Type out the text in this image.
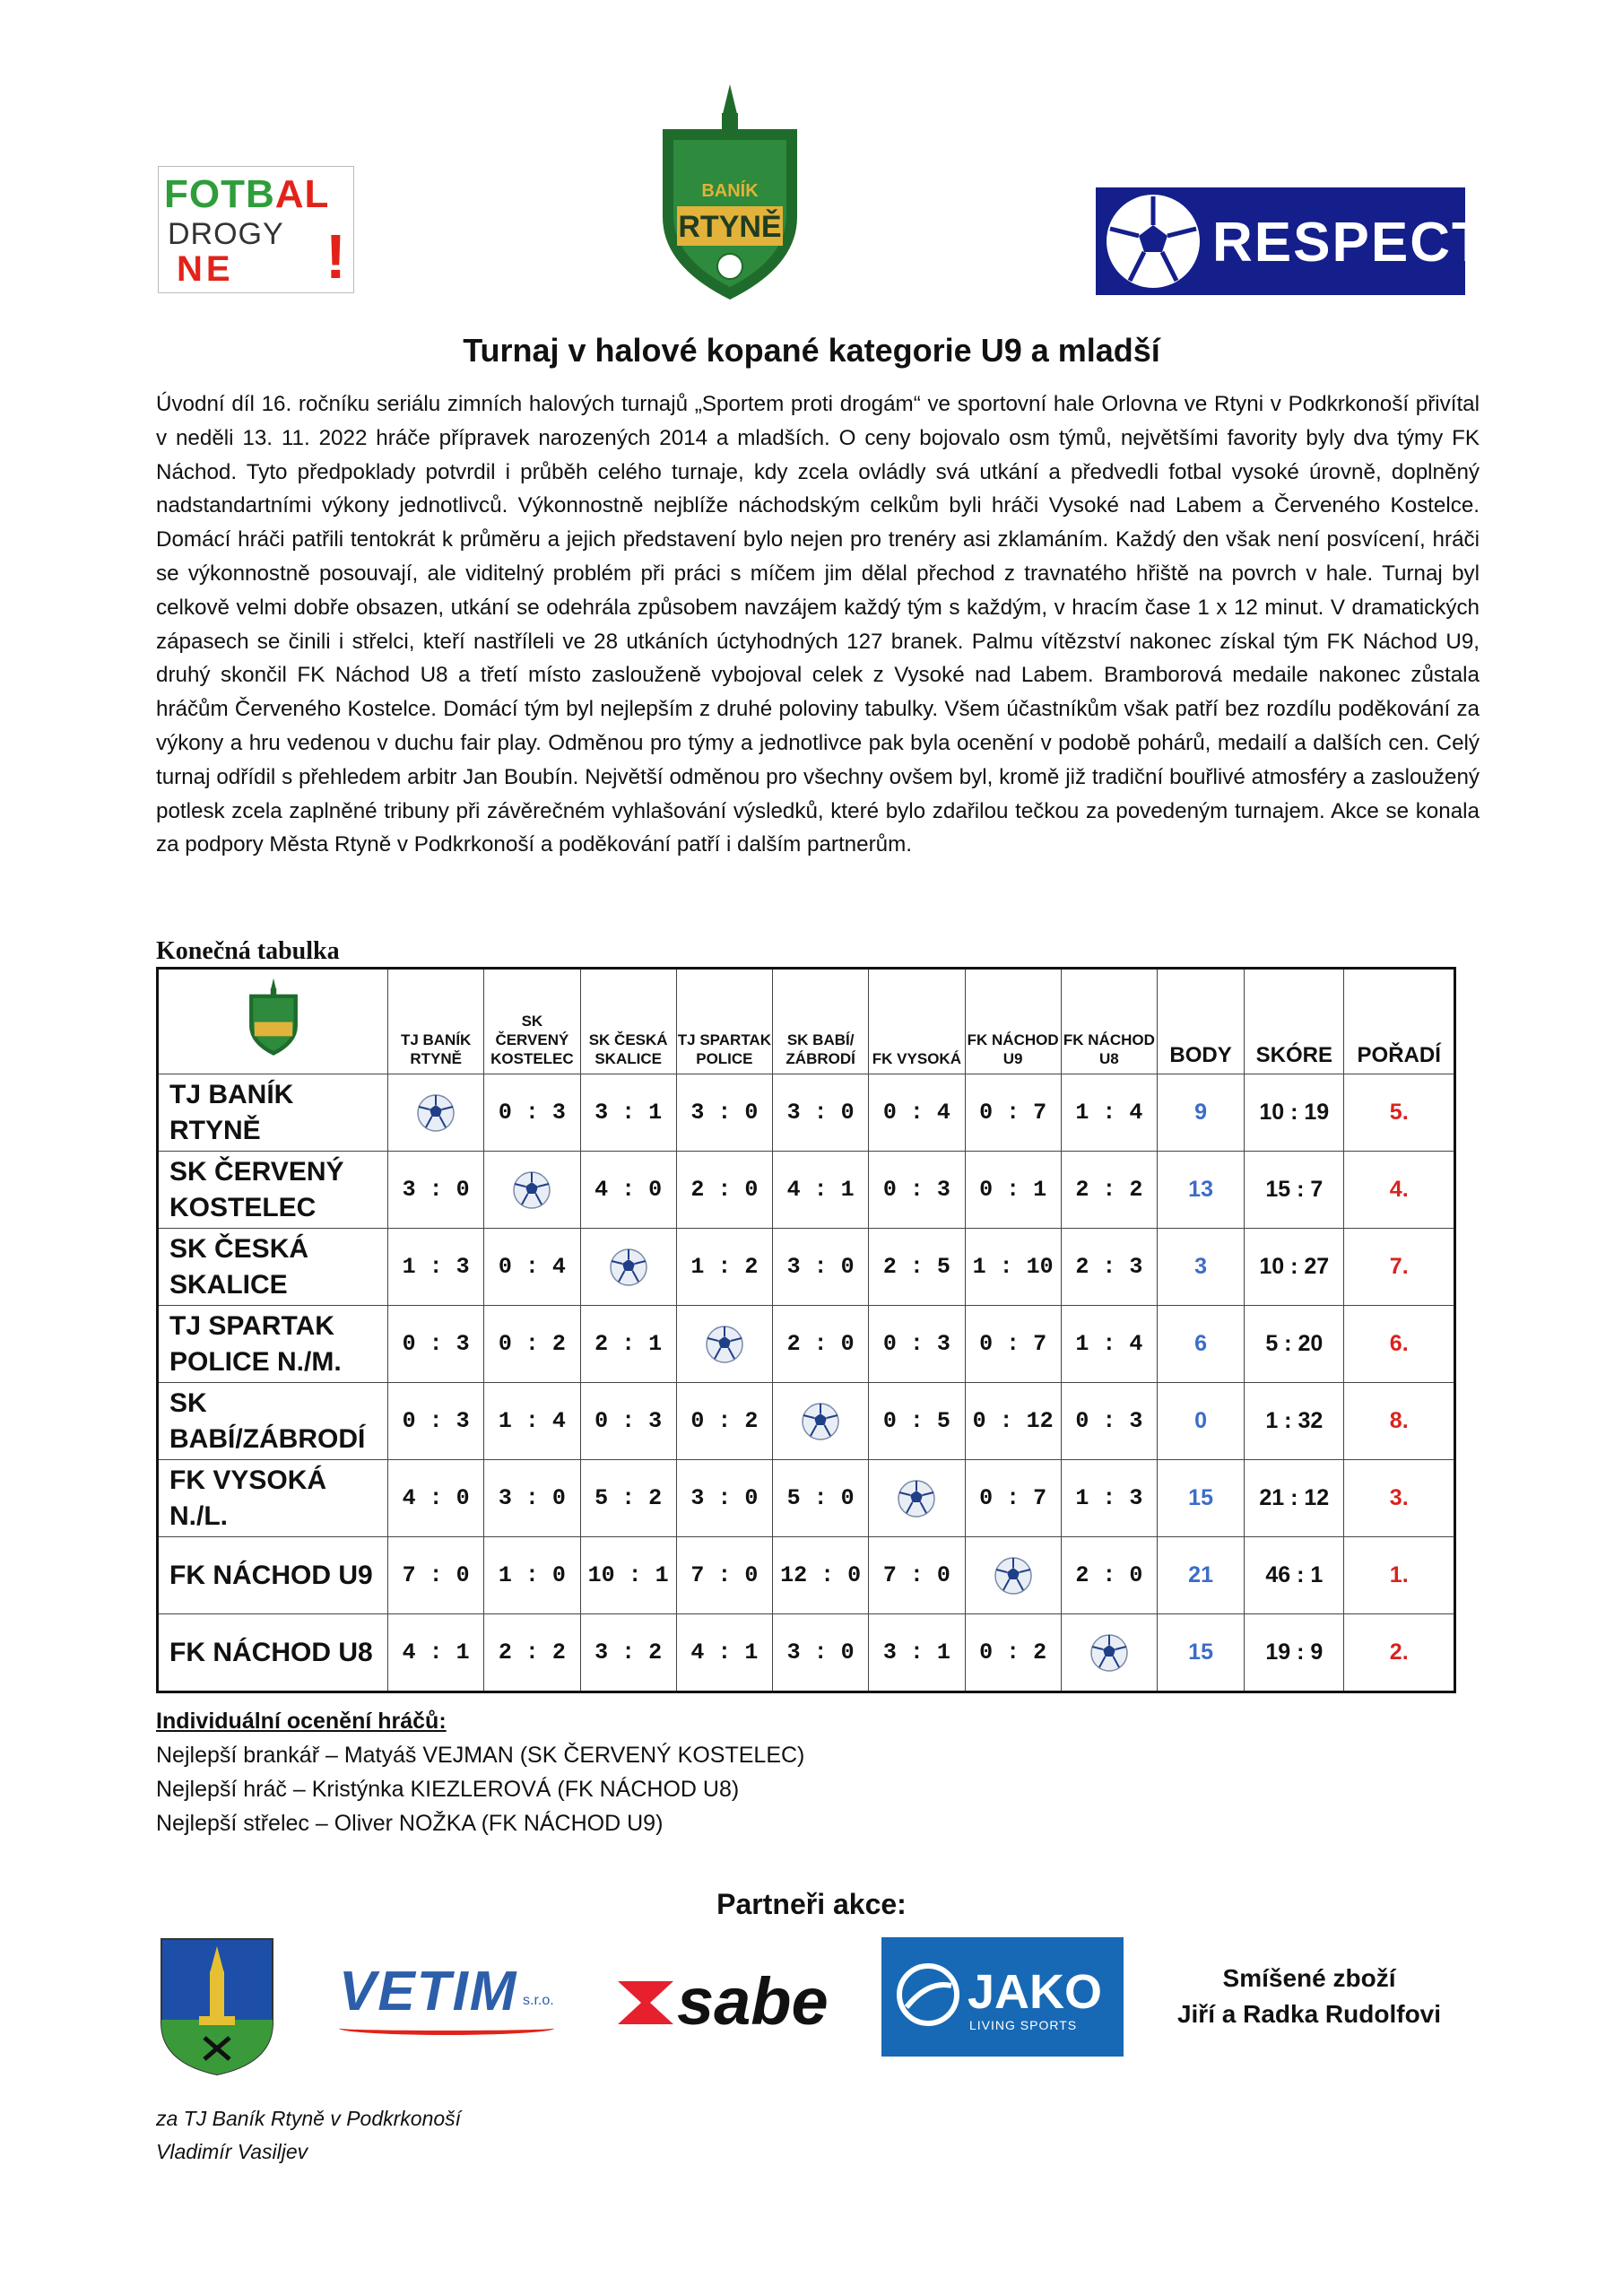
FOTBAL
DROGY
NE !
BANÍK
RTYNĚ	RESPECT
Turnaj v halové kopané kategorie U9 a mladší
Úvodní díl 16. ročníku seriálu zimních halových turnajů „Sportem proti drogám“ ve sportovní hale Orlovna ve Rtyni v Podkrkonoší přivítal v neděli 13. 11. 2022 hráče přípravek narozených 2014 a mladších. O ceny bojovalo osm týmů, největšími favority byly dva týmy FK Náchod. Tyto předpoklady potvrdil i průběh celého turnaje, kdy zcela ovládly svá utkání a předvedli fotbal vysoké úrovně, doplněný nadstandartními výkony jednotlivců. Výkonnostně nejblíže náchodským celkům byli hráči Vysoké nad Labem a Červeného Kostelce. Domácí hráči patřili tentokrát k průměru a jejich představení bylo nejen pro trenéry asi zklamáním. Každý den však není posvícení, hráči se výkonnostně posouvají, ale viditelný problém při práci s míčem jim dělal přechod z travnatého hřiště na povrch v hale. Turnaj byl celkově velmi dobře obsazen, utkání se odehrála způsobem navzájem každý tým s každým, v hracím čase 1 x 12 minut. V dramatických zápasech se činili i střelci, kteří nastříleli ve 28 utkáních úctyhodných 127 branek. Palmu vítězství nakonec získal tým FK Náchod U9, druhý skončil FK Náchod U8 a třetí místo zaslouženě vybojoval celek z Vysoké nad Labem. Bramborová medaile nakonec zůstala hráčům Červeného Kostelce. Domácí tým byl nejlepším z druhé poloviny tabulky. Všem účastníkům však patří bez rozdílu poděkování za výkony a hru vedenou v duchu fair play. Odměnou pro týmy a jednotlivce pak byla ocenění v podobě pohárů, medailí a dalších cen. Celý turnaj odřídil s přehledem arbitr Jan Boubín. Největší odměnou pro všechny ovšem byl, kromě již tradiční bouřlivé atmosféry a zasloužený potlesk zcela zaplněné tribuny při závěrečném vyhlašování výsledků, které bylo zdařilou tečkou za povedeným turnajem. Akce se konala za podpory Města Rtyně v Podkrkonoší a poděkování patří i dalším partnerům.
Konečná tabulka
	TJ BANÍK RTYNĚ	SK ČERVENÝ KOSTELEC	SK ČESKÁ SKALICE	TJ SPARTAK POLICE	SK BABÍ/ ZÁBRODÍ	FK VYSOKÁ	FK NÁCHOD U9	FK NÁCHOD U8	BODY	SKÓRE	POŘADÍ
TJ BANÍK RTYNĚ		0 : 3	3 : 1	3 : 0	3 : 0	0 : 4	0 : 7	1 : 4	9	10 : 19	5.
SK ČERVENÝ KOSTELEC	3 : 0		4 : 0	2 : 0	4 : 1	0 : 3	0 : 1	2 : 2	13	15 : 7	4.
SK ČESKÁ SKALICE	1 : 3	0 : 4		1 : 2	3 : 0	2 : 5	1 : 10	2 : 3	3	10 : 27	7.
TJ SPARTAK POLICE N./M.	0 : 3	0 : 2	2 : 1		2 : 0	0 : 3	0 : 7	1 : 4	6	5 : 20	6.
SK BABÍ/ZÁBRODÍ	0 : 3	1 : 4	0 : 3	0 : 2		0 : 5	0 : 12	0 : 3	0	1 : 32	8.
FK VYSOKÁ N./L.	4 : 0	3 : 0	5 : 2	3 : 0	5 : 0		0 : 7	1 : 3	15	21 : 12	3.
FK NÁCHOD U9	7 : 0	1 : 0	10 : 1	7 : 0	12 : 0	7 : 0		2 : 0	21	46 : 1	1.
FK NÁCHOD U8	4 : 1	2 : 2	3 : 2	4 : 1	3 : 0	3 : 1	0 : 2		15	19 : 9	2.
Individuální ocenění hráčů:
Nejlepší brankář – Matyáš VEJMAN (SK ČERVENÝ KOSTELEC)
Nejlepší hráč – Kristýnka KIEZLEROVÁ (FK NÁCHOD U8)
Nejlepší střelec – Oliver NOŽKA (FK NÁCHOD U9)
Partneři akce:
VETIM s.r.o. sabe	JAKO
LIVING SPORTS
Smíšené zboží
Jiří a Radka Rudolfovi
za TJ Baník Rtyně v Podkrkonoší
Vladimír Vasiljev
